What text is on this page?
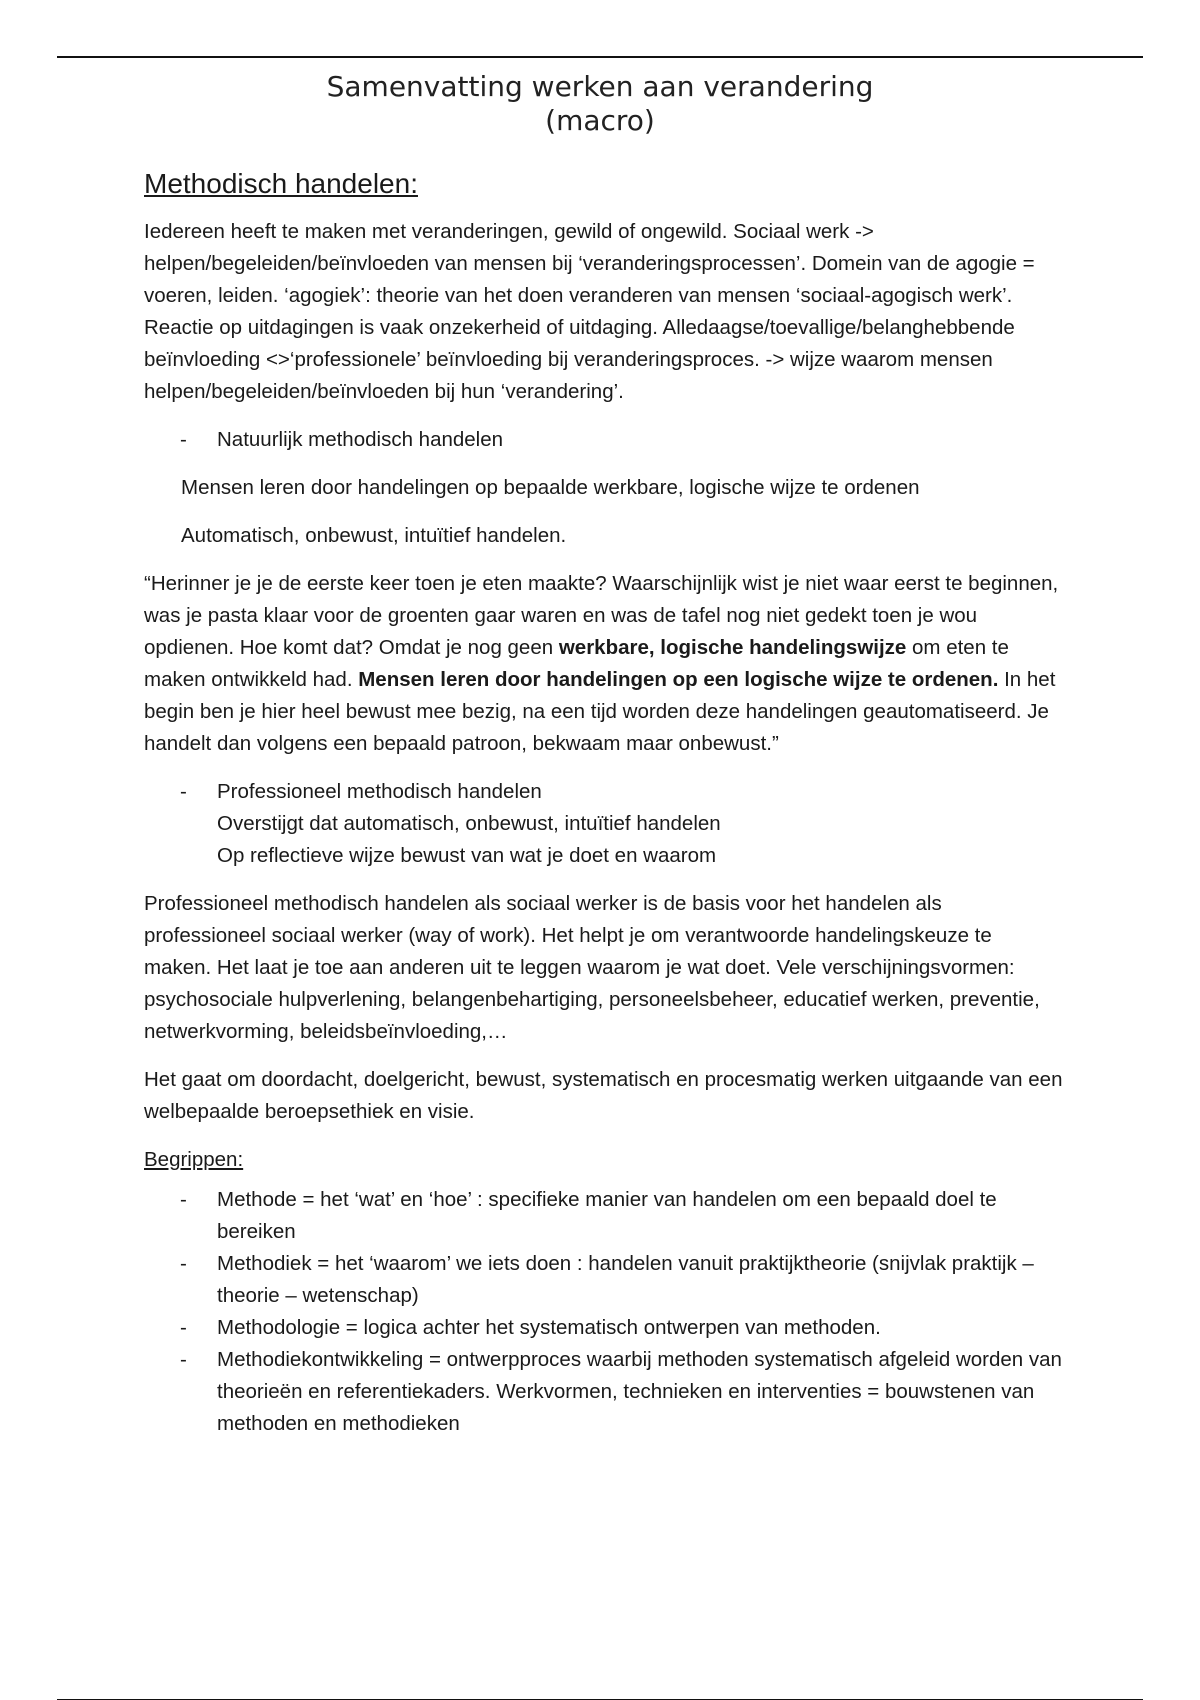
Samenvatting werken aan verandering
(macro)
Methodisch handelen:

Iedereen heeft te maken met veranderingen, gewild of ongewild. Sociaal werk -> helpen/begeleiden/beïnvloeden van mensen bij ‘veranderingsprocessen’. Domein van de agogie = voeren, leiden. ‘agogiek’: theorie van het doen veranderen van mensen ‘sociaal-agogisch werk’. Reactie op uitdagingen is vaak onzekerheid of uitdaging. Alledaagse/toevallige/belanghebbende beïnvloeding <>‘professionele’ beïnvloeding bij veranderingsproces. -> wijze waarom mensen helpen/begeleiden/beïnvloeden bij hun ‘verandering’.

- Natuurlijk methodisch handelen

Mensen leren door handelingen op bepaalde werkbare, logische wijze te ordenen

Automatisch, onbewust, intuïtief handelen.

“Herinner je je de eerste keer toen je eten maakte? Waarschijnlijk wist je niet waar eerst te beginnen, was je pasta klaar voor de groenten gaar waren en was de tafel nog niet gedekt toen je wou opdienen. Hoe komt dat? Omdat je nog geen werkbare, logische handelingswijze om eten te maken ontwikkeld had. Mensen leren door handelingen op een logische wijze te ordenen. In het begin ben je hier heel bewust mee bezig, na een tijd worden deze handelingen geautomatiseerd. Je handelt dan volgens een bepaald patroon, bekwaam maar onbewust.”

- Professioneel methodisch handelen
Overstijgt dat automatisch, onbewust, intuïtief handelen
Op reflectieve wijze bewust van wat je doet en waarom

Professioneel methodisch handelen als sociaal werker is de basis voor het handelen als professioneel sociaal werker (way of work). Het helpt je om verantwoorde handelingskeuze te maken. Het laat je toe aan anderen uit te leggen waarom je wat doet. Vele verschijningsvormen: psychosociale hulpverlening, belangenbehartiging, personeelsbeheer, educatief werken, preventie, netwerkvorming, beleidsbeïnvloeding,…

Het gaat om doordacht, doelgericht, bewust, systematisch en procesmatig werken uitgaande van een welbepaalde beroepsethiek en visie.

Begrippen:

- Methode = het ‘wat’ en ‘hoe’ : specifieke manier van handelen om een bepaald doel te bereiken
- Methodiek = het ‘waarom’ we iets doen : handelen vanuit praktijktheorie (snijvlak praktijk – theorie – wetenschap)
- Methodologie = logica achter het systematisch ontwerpen van methoden.
- Methodiekontwikkeling = ontwerpproces waarbij methoden systematisch afgeleid worden van theorieën en referentiekaders. Werkvormen, technieken en interventies = bouwstenen van methoden en methodieken
